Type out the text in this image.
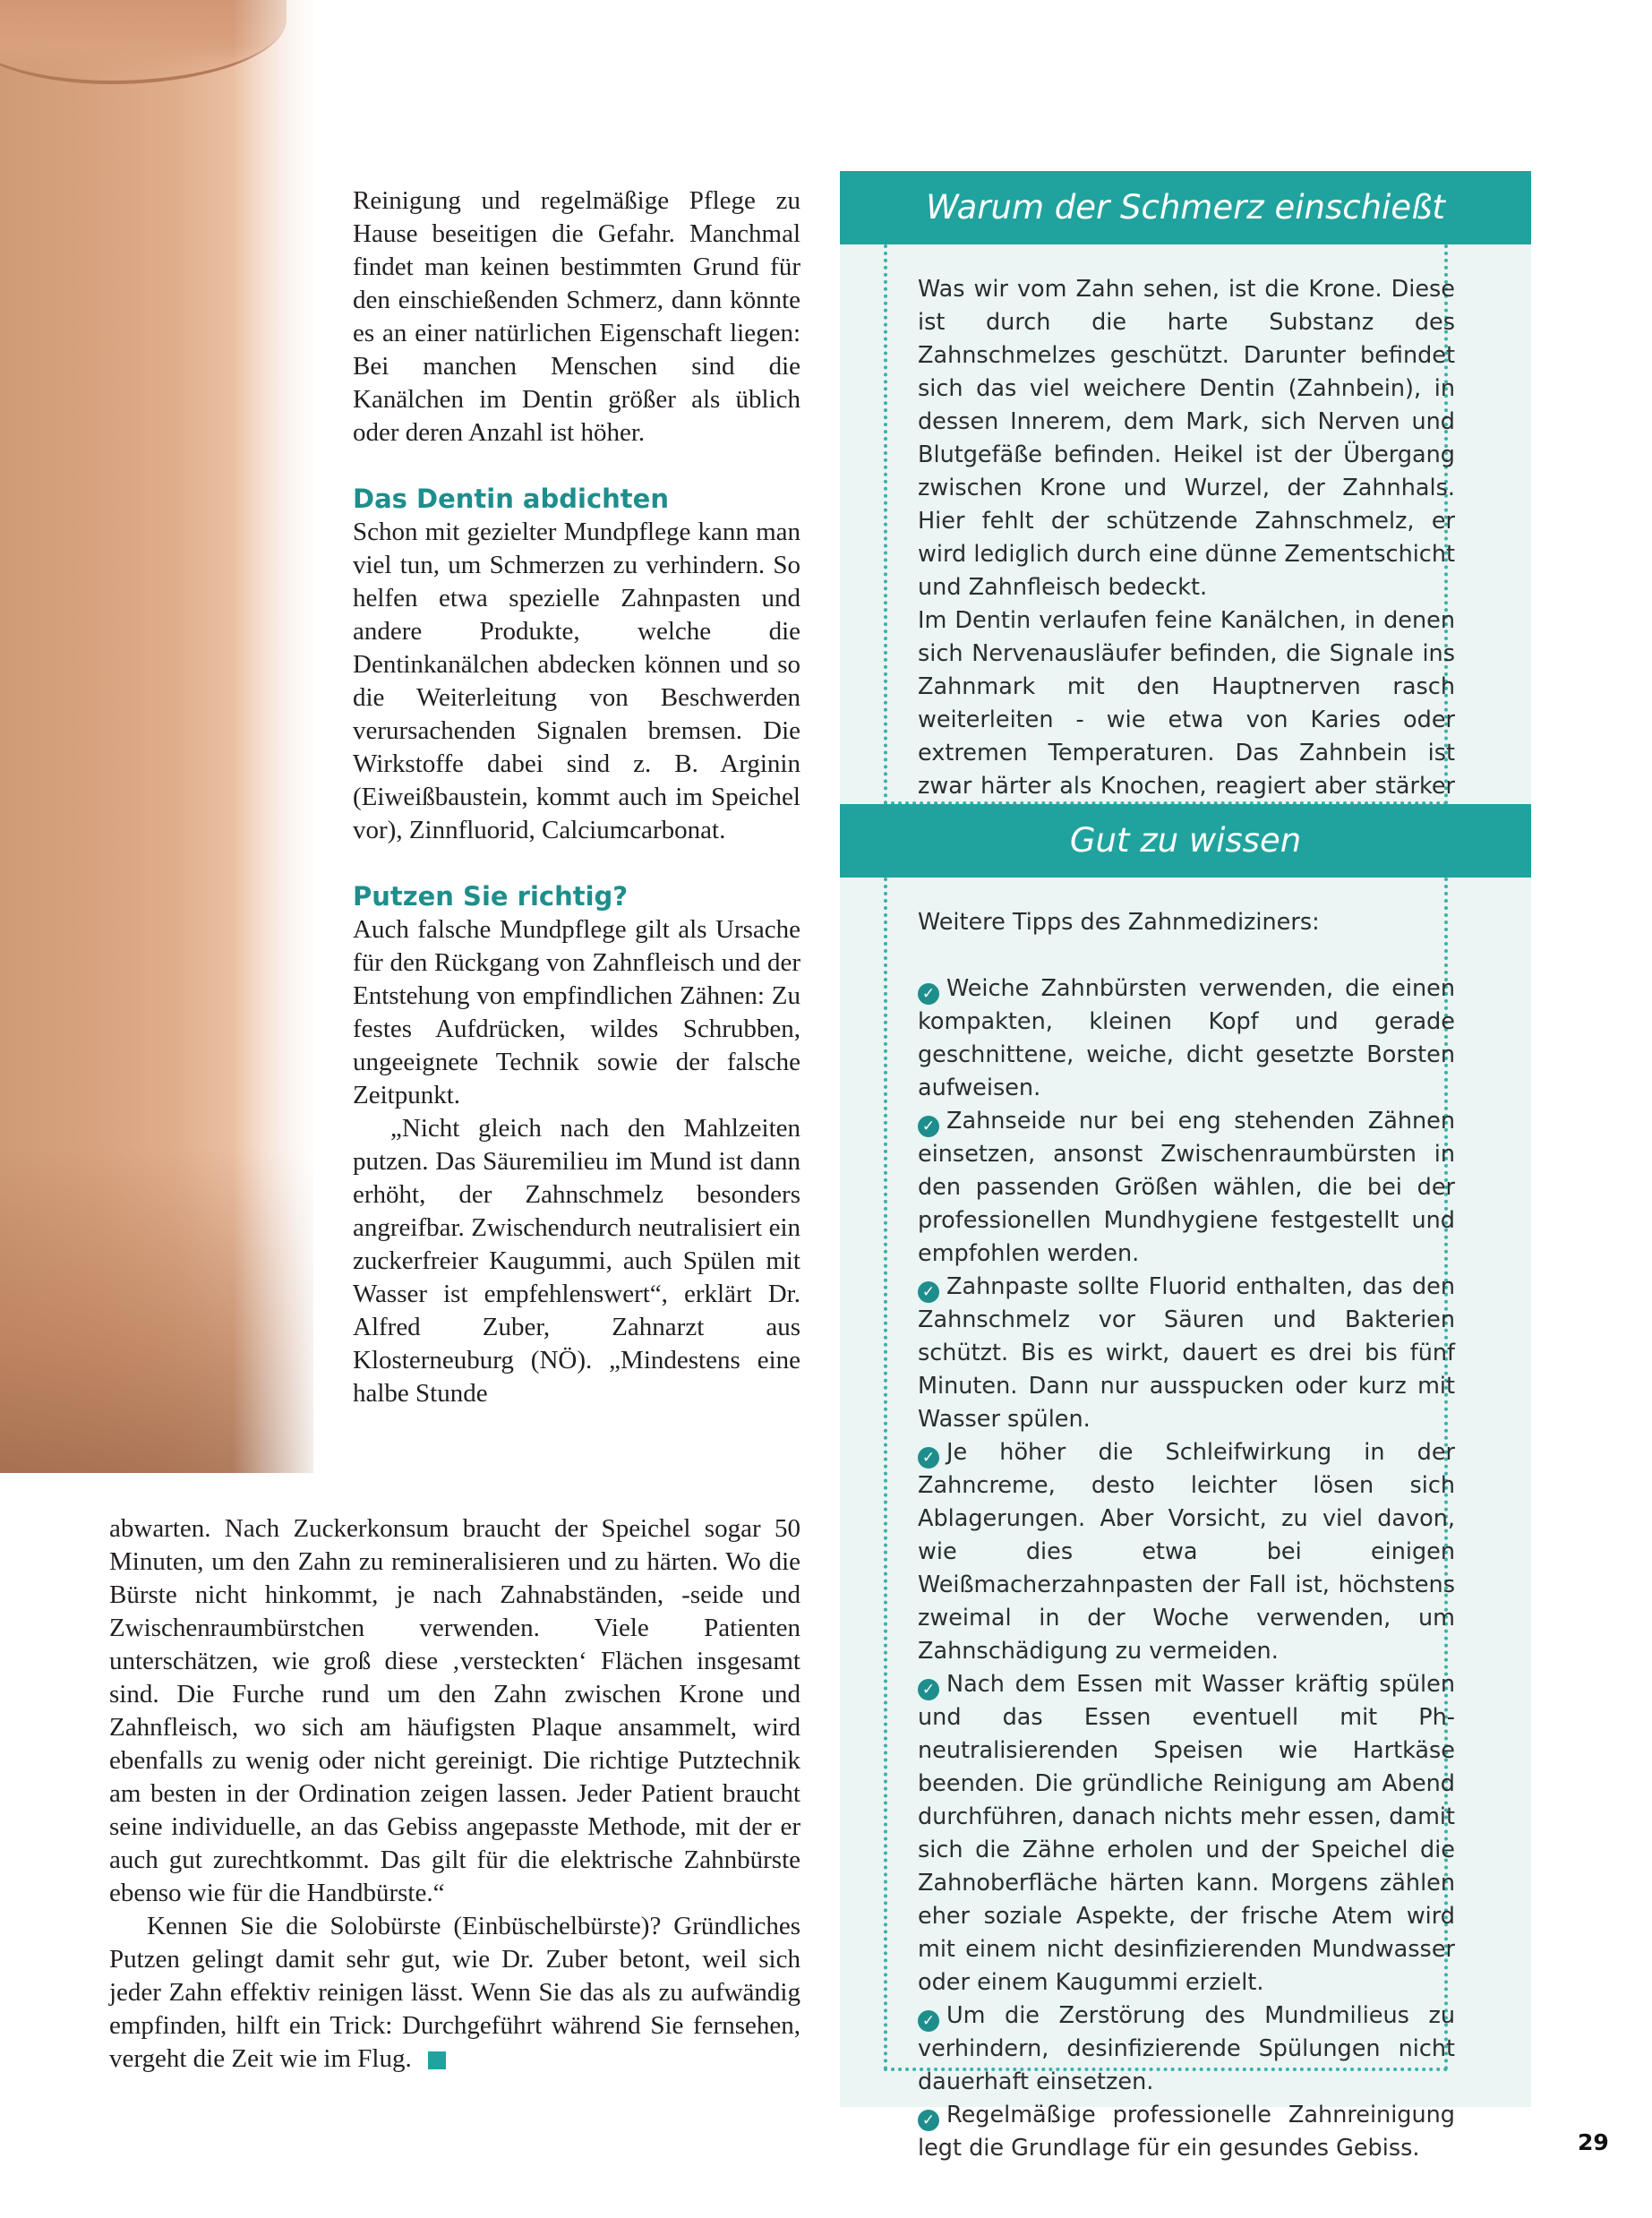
Reinigung und regelmäßige Pflege zu Hause beseitigen die Gefahr. Manchmal findet man keinen bestimmten Grund für den einschießenden Schmerz, dann könnte es an einer natürlichen Eigenschaft liegen: Bei manchen Menschen sind die Kanälchen im Dentin größer als üblich oder deren Anzahl ist höher.

Das Dentin abdichten

Schon mit gezielter Mundpflege kann man viel tun, um Schmerzen zu verhindern. So helfen etwa spezielle Zahnpasten und andere Produkte, welche die Dentinkanälchen abdecken können und so die Weiterleitung von Beschwerden verursachenden Signalen bremsen. Die Wirkstoffe dabei sind z. B. Arginin (Eiweißbaustein, kommt auch im Speichel vor), Zinnfluorid, Calciumcarbonat.

Putzen Sie richtig?

Auch falsche Mundpflege gilt als Ursache für den Rückgang von Zahnfleisch und der Entstehung von empfindlichen Zähnen: Zu festes Aufdrücken, wildes Schrubben, ungeeignete Technik sowie der falsche Zeitpunkt.

„Nicht gleich nach den Mahlzeiten putzen. Das Säuremilieu im Mund ist dann erhöht, der Zahnschmelz besonders angreifbar. Zwischendurch neutralisiert ein zuckerfreier Kaugummi, auch Spülen mit Wasser ist empfehlenswert“, erklärt Dr. Alfred Zuber, Zahnarzt aus Klosterneuburg (NÖ). „Mindestens eine halbe Stunde

abwarten. Nach Zuckerkonsum braucht der Speichel sogar 50 Minuten, um den Zahn zu remineralisieren und zu härten. Wo die Bürste nicht hinkommt, je nach Zahnabständen, -seide und Zwischenraumbürstchen verwenden. Viele Patienten unterschätzen, wie groß diese ‚versteckten‘ Flächen insgesamt sind. Die Furche rund um den Zahn zwischen Krone und Zahnfleisch, wo sich am häufigsten Plaque ansammelt, wird ebenfalls zu wenig oder nicht gereinigt. Die richtige Putztechnik am besten in der Ordination zeigen lassen. Jeder Patient braucht seine individuelle, an das Gebiss angepasste Methode, mit der er auch gut zurechtkommt. Das gilt für die elektrische Zahnbürste ebenso wie für die Handbürste.“

Kennen Sie die Solobürste (Einbüschelbürste)? Gründliches Putzen gelingt damit sehr gut, wie Dr. Zuber betont, weil sich jeder Zahn effektiv reinigen lässt. Wenn Sie das als zu aufwändig empfinden, hilft ein Trick: Durchgeführt während Sie fernsehen, vergeht die Zeit wie im Flug.

Warum der Schmerz einschießt

Was wir vom Zahn sehen, ist die Krone. Diese ist durch die harte Substanz des Zahnschmelzes geschützt. Darunter befindet sich das viel weichere Dentin (Zahnbein), in dessen Innerem, dem Mark, sich Nerven und Blutgefäße befinden. Heikel ist der Übergang zwischen Krone und Wurzel, der Zahnhals. Hier fehlt der schützende Zahnschmelz, er wird lediglich durch eine dünne Zementschicht und Zahnfleisch bedeckt.

Im Dentin verlaufen feine Kanälchen, in denen sich Nervenausläufer befinden, die Signale ins Zahnmark mit den Hauptnerven rasch weiterleiten - wie etwa von Karies oder extremen Temperaturen. Das Zahnbein ist zwar härter als Knochen, reagiert aber stärker

Gut zu wissen

Weitere Tipps des Zahnmediziners:

✓ Weiche Zahnbürsten verwenden, die einen kompakten, kleinen Kopf und gerade geschnittene, weiche, dicht gesetzte Borsten aufweisen.

✓ Zahnseide nur bei eng stehenden Zähnen einsetzen, ansonst Zwischenraumbürsten in den passenden Größen wählen, die bei der professionellen Mundhygiene festgestellt und empfohlen werden.

✓ Zahnpaste sollte Fluorid enthalten, das den Zahnschmelz vor Säuren und Bakterien schützt. Bis es wirkt, dauert es drei bis fünf Minuten. Dann nur ausspucken oder kurz mit Wasser spülen.

✓ Je höher die Schleifwirkung in der Zahncreme, desto leichter lösen sich Ablagerungen. Aber Vorsicht, zu viel davon, wie dies etwa bei einigen Weißmacherzahnpasten der Fall ist, höchstens zweimal in der Woche verwenden, um Zahnschädigung zu vermeiden.

✓ Nach dem Essen mit Wasser kräftig spülen und das Essen eventuell mit Ph-neutralisierenden Speisen wie Hartkäse beenden. Die gründliche Reinigung am Abend durchführen, danach nichts mehr essen, damit sich die Zähne erholen und der Speichel die Zahnoberfläche härten kann. Morgens zählen eher soziale Aspekte, der frische Atem wird mit einem nicht desinfizierenden Mundwasser oder einem Kaugummi erzielt.

✓ Um die Zerstörung des Mundmilieus zu verhindern, desinfizierende Spülungen nicht dauerhaft einsetzen.

✓ Regelmäßige professionelle Zahnreinigung legt die Grundlage für ein gesundes Gebiss.	29
